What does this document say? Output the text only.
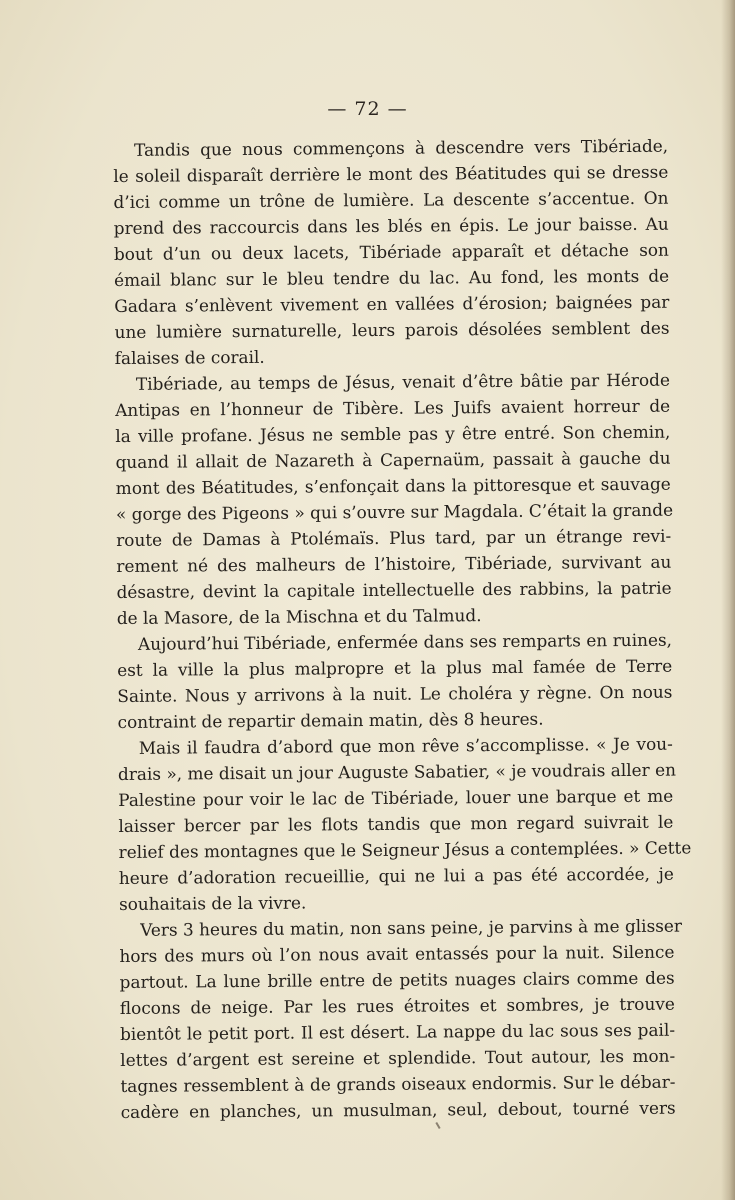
— 72 —
Tandis que nous commençons à descendre vers Tibériade,
le soleil disparaît derrière le mont des Béatitudes qui se dresse
d’ici comme un trône de lumière. La descente s’accentue. On
prend des raccourcis dans les blés en épis. Le jour baisse. Au
bout d’un ou deux lacets, Tibériade apparaît et détache son
émail blanc sur le bleu tendre du lac. Au fond, les monts de
Gadara s’enlèvent vivement en vallées d’érosion; baignées par
une lumière surnaturelle, leurs parois désolées semblent des
falaises de corail.
Tibériade, au temps de Jésus, venait d’être bâtie par Hérode
Antipas en l’honneur de Tibère. Les Juifs avaient horreur de
la ville profane. Jésus ne semble pas y être entré. Son chemin,
quand il allait de Nazareth à Capernaüm, passait à gauche du
mont des Béatitudes, s’enfonçait dans la pittoresque et sauvage
« gorge des Pigeons » qui s’ouvre sur Magdala. C’était la grande
route de Damas à Ptolémaïs. Plus tard, par un étrange revi-
rement né des malheurs de l’histoire, Tibériade, survivant au
désastre, devint la capitale intellectuelle des rabbins, la patrie
de la Masore, de la Mischna et du Talmud.
Aujourd’hui Tibériade, enfermée dans ses remparts en ruines,
est la ville la plus malpropre et la plus mal famée de Terre
Sainte. Nous y arrivons à la nuit. Le choléra y règne. On nous
contraint de repartir demain matin, dès 8 heures.
Mais il faudra d’abord que mon rêve s’accomplisse. « Je vou-
drais », me disait un jour Auguste Sabatier, « je voudrais aller en
Palestine pour voir le lac de Tibériade, louer une barque et me
laisser bercer par les flots tandis que mon regard suivrait le
relief des montagnes que le Seigneur Jésus a contemplées. » Cette
heure d’adoration recueillie, qui ne lui a pas été accordée, je
souhaitais de la vivre.
Vers 3 heures du matin, non sans peine, je parvins à me glisser
hors des murs où l’on nous avait entassés pour la nuit. Silence
partout. La lune brille entre de petits nuages clairs comme des
flocons de neige. Par les rues étroites et sombres, je trouve
bientôt le petit port. Il est désert. La nappe du lac sous ses pail-
lettes d’argent est sereine et splendide. Tout autour, les mon-
tagnes ressemblent à de grands oiseaux endormis. Sur le débar-
cadère en planches, un musulman, seul, debout, tourné vers
